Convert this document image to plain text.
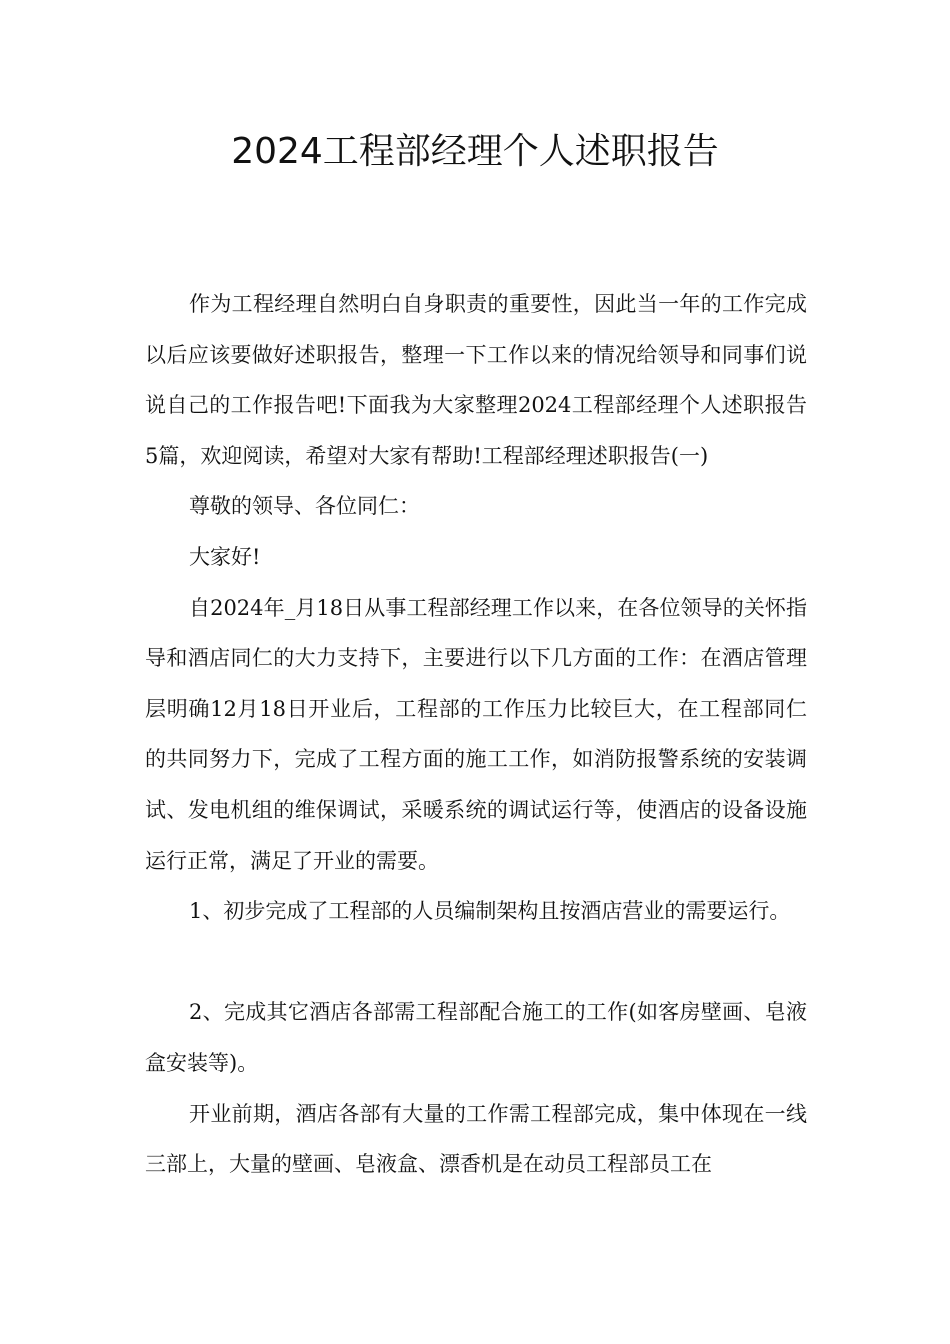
2024工程部经理个人述职报告

作为工程经理自然明白自身职责的重要性，因此当一年的工作完成以后应该要做好述职报告，整理一下工作以来的情况给领导和同事们说说自己的工作报告吧!下面我为大家整理2024工程部经理个人述职报告5篇，欢迎阅读，希望对大家有帮助!工程部经理述职报告(一)

尊敬的领导、各位同仁：

大家好!

自2024年_月18日从事工程部经理工作以来，在各位领导的关怀指导和酒店同仁的大力支持下，主要进行以下几方面的工作：在酒店管理层明确12月18日开业后，工程部的工作压力比较巨大，在工程部同仁的共同努力下，完成了工程方面的施工工作，如消防报警系统的安装调试、发电机组的维保调试，采暖系统的调试运行等，使酒店的设备设施运行正常，满足了开业的需要。

1、初步完成了工程部的人员编制架构且按酒店营业的需要运行。

2、完成其它酒店各部需工程部配合施工的工作(如客房壁画、皂液盒安装等)。

开业前期，酒店各部有大量的工作需工程部完成，集中体现在一线三部上，大量的壁画、皂液盒、漂香机是在动员工程部员工在
